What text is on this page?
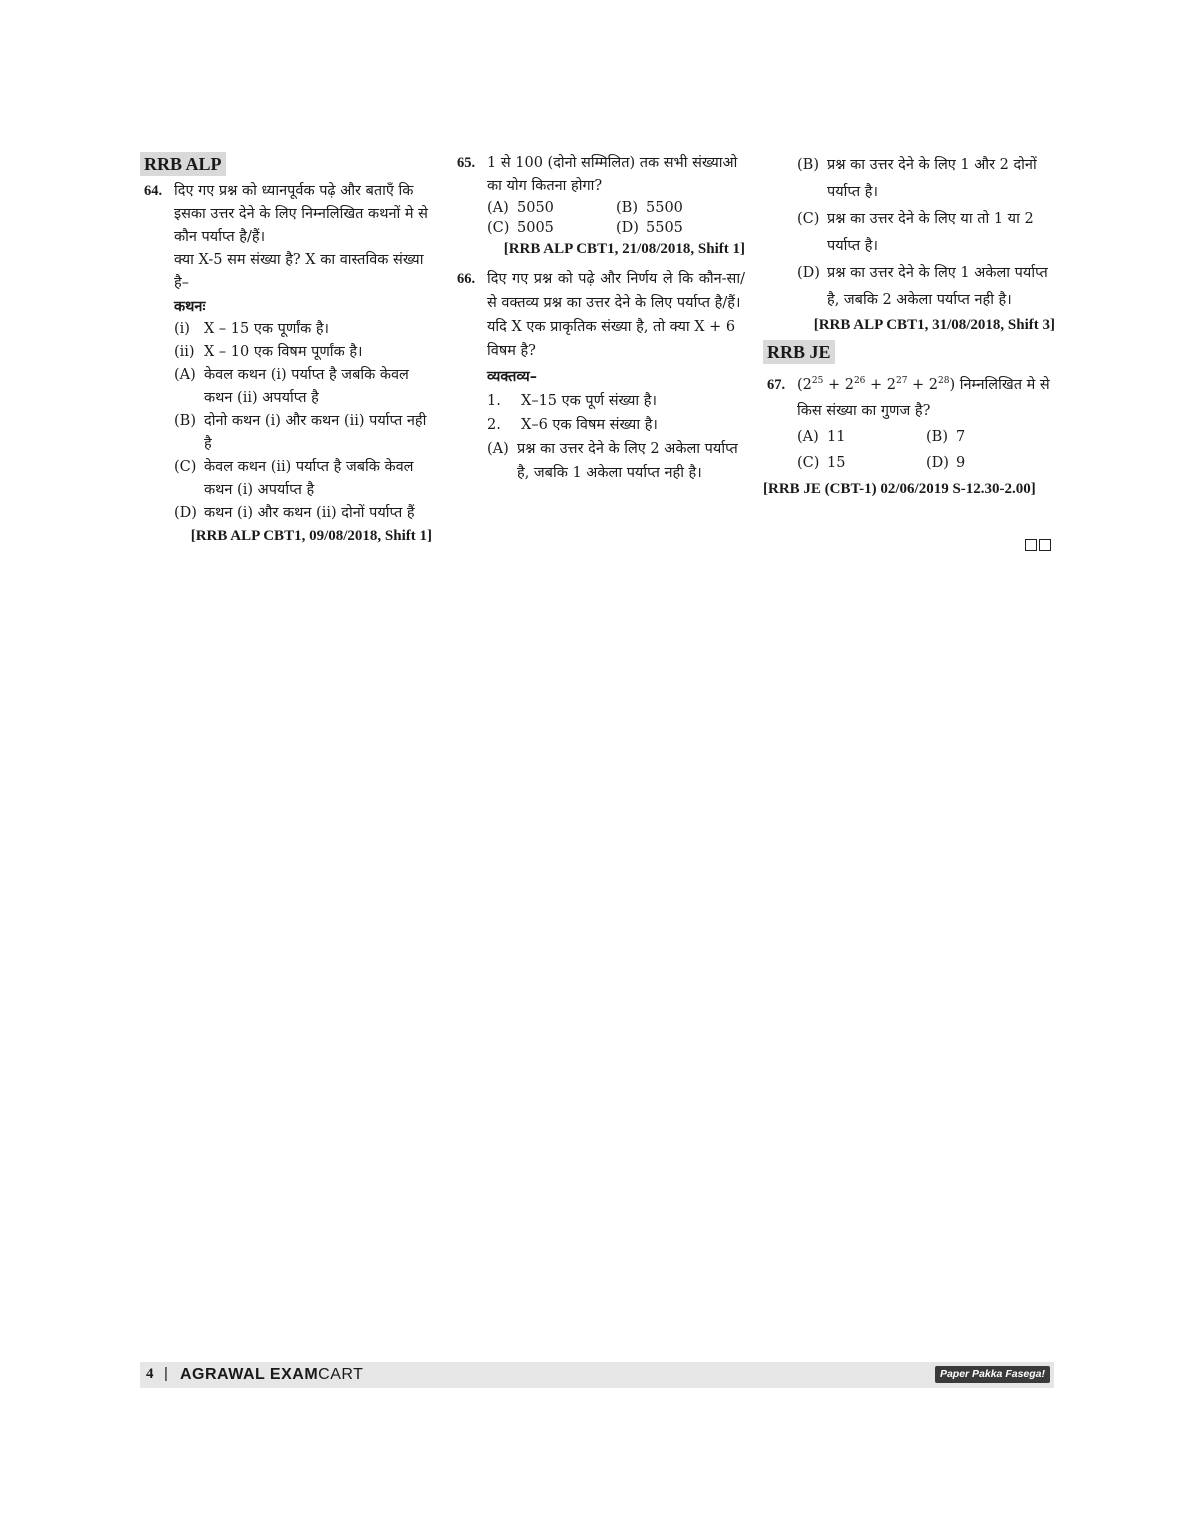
RRB ALP
64. दिए गए प्रश्न को ध्यानपूर्वक पढ़े और बताएँ कि इसका उत्तर देने के लिए निम्नलिखित कथनों मे से कौन पर्याप्त है/हैं।
क्या X-5 सम संख्या है? X का वास्तविक संख्या है–
कथनः
(i) X – 15 एक पूर्णांक है।
(ii) X – 10 एक विषम पूर्णांक है।
(A) केवल कथन (i) पर्याप्त है जबकि केवल कथन (ii) अपर्याप्त है
(B) दोनो कथन (i) और कथन (ii) पर्याप्त नही है
(C) केवल कथन (ii) पर्याप्त है जबकि केवल कथन (i) अपर्याप्त है
(D) कथन (i) और कथन (ii) दोनों पर्याप्त हैं
[RRB ALP CBT1, 09/08/2018, Shift 1]
65. 1 से 100 (दोनो सम्मिलित) तक सभी संख्याओ का योग कितना होगा?
(A) 5050	(B) 5500
(C) 5005	(D) 5505
[RRB ALP CBT1, 21/08/2018, Shift 1]
66. दिए गए प्रश्न को पढ़े और निर्णय ले कि कौन-सा/से वक्तव्य प्रश्न का उत्तर देने के लिए पर्याप्त है/हैं।
यदि X एक प्राकृतिक संख्या है, तो क्या X + 6 विषम है?
व्यक्तव्य–
1. X–15 एक पूर्ण संख्या है।
2. X–6 एक विषम संख्या है।
(A) प्रश्न का उत्तर देने के लिए 2 अकेला पर्याप्त है, जबकि 1 अकेला पर्याप्त नही है।
(B) प्रश्न का उत्तर देने के लिए 1 और 2 दोनों पर्याप्त है।
(C) प्रश्न का उत्तर देने के लिए या तो 1 या 2 पर्याप्त है।
(D) प्रश्न का उत्तर देने के लिए 1 अकेला पर्याप्त है, जबकि 2 अकेला पर्याप्त नही है।
[RRB ALP CBT1, 31/08/2018, Shift 3]
RRB JE
67. $(2^{25} + 2^{26} + 2^{27} + 2^{28})$ निम्नलिखित मे से किस संख्या का गुणज है?
(A) 11	(B) 7
(C) 15	(D) 9
[RRB JE (CBT-1) 02/06/2019 S-12.30-2.00]
4 | AGRAWAL EXAMCART	Paper Pakka Fasega!
